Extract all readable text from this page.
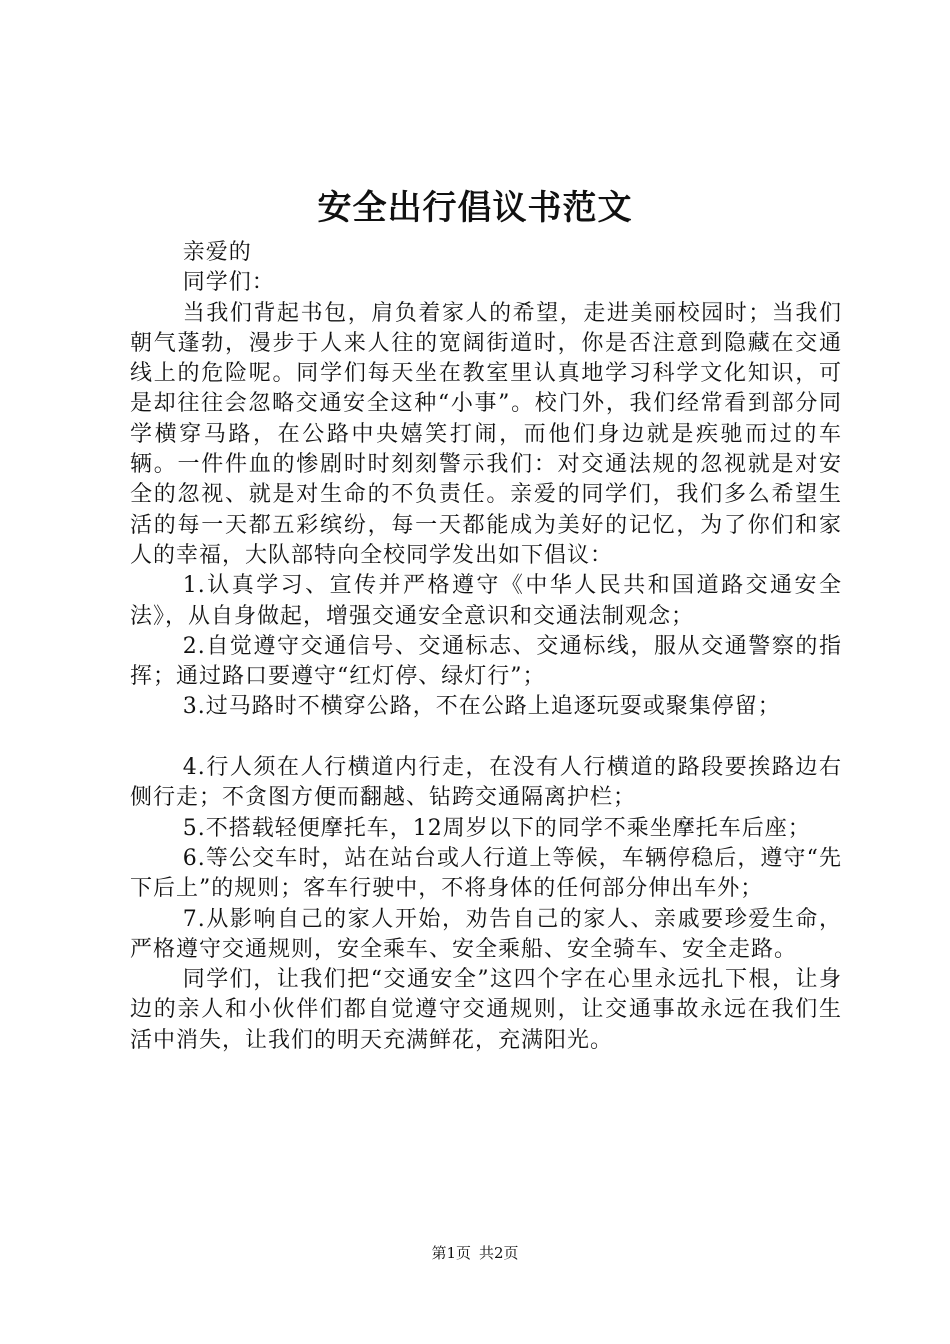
安全出行倡议书范文

亲爱的

同学们：

当我们背起书包，肩负着家人的希望，走进美丽校园时；当我们朝气蓬勃，漫步于人来人往的宽阔街道时，你是否注意到隐藏在交通线上的危险呢。同学们每天坐在教室里认真地学习科学文化知识，可是却往往会忽略交通安全这种“小事”。校门外，我们经常看到部分同学横穿马路，在公路中央嬉笑打闹，而他们身边就是疾驰而过的车辆。一件件血的惨剧时时刻刻警示我们：对交通法规的忽视就是对安全的忽视、就是对生命的不负责任。亲爱的同学们，我们多么希望生活的每一天都五彩缤纷，每一天都能成为美好的记忆，为了你们和家人的幸福，大队部特向全校同学发出如下倡议：

1.认真学习、宣传并严格遵守《中华人民共和国道路交通安全法》，从自身做起，增强交通安全意识和交通法制观念；

2.自觉遵守交通信号、交通标志、交通标线，服从交通警察的指挥；通过路口要遵守“红灯停、绿灯行”；

3.过马路时不横穿公路，不在公路上追逐玩耍或聚集停留；

4.行人须在人行横道内行走，在没有人行横道的路段要挨路边右侧行走；不贪图方便而翻越、钻跨交通隔离护栏；

5.不搭载轻便摩托车，12周岁以下的同学不乘坐摩托车后座；

6.等公交车时，站在站台或人行道上等候，车辆停稳后，遵守“先下后上”的规则；客车行驶中，不将身体的任何部分伸出车外；

7.从影响自己的家人开始，劝告自己的家人、亲戚要珍爱生命，严格遵守交通规则，安全乘车、安全乘船、安全骑车、安全走路。

同学们，让我们把“交通安全”这四个字在心里永远扎下根，让身边的亲人和小伙伴们都自觉遵守交通规则，让交通事故永远在我们生活中消失，让我们的明天充满鲜花，充满阳光。

第1页 共2页
